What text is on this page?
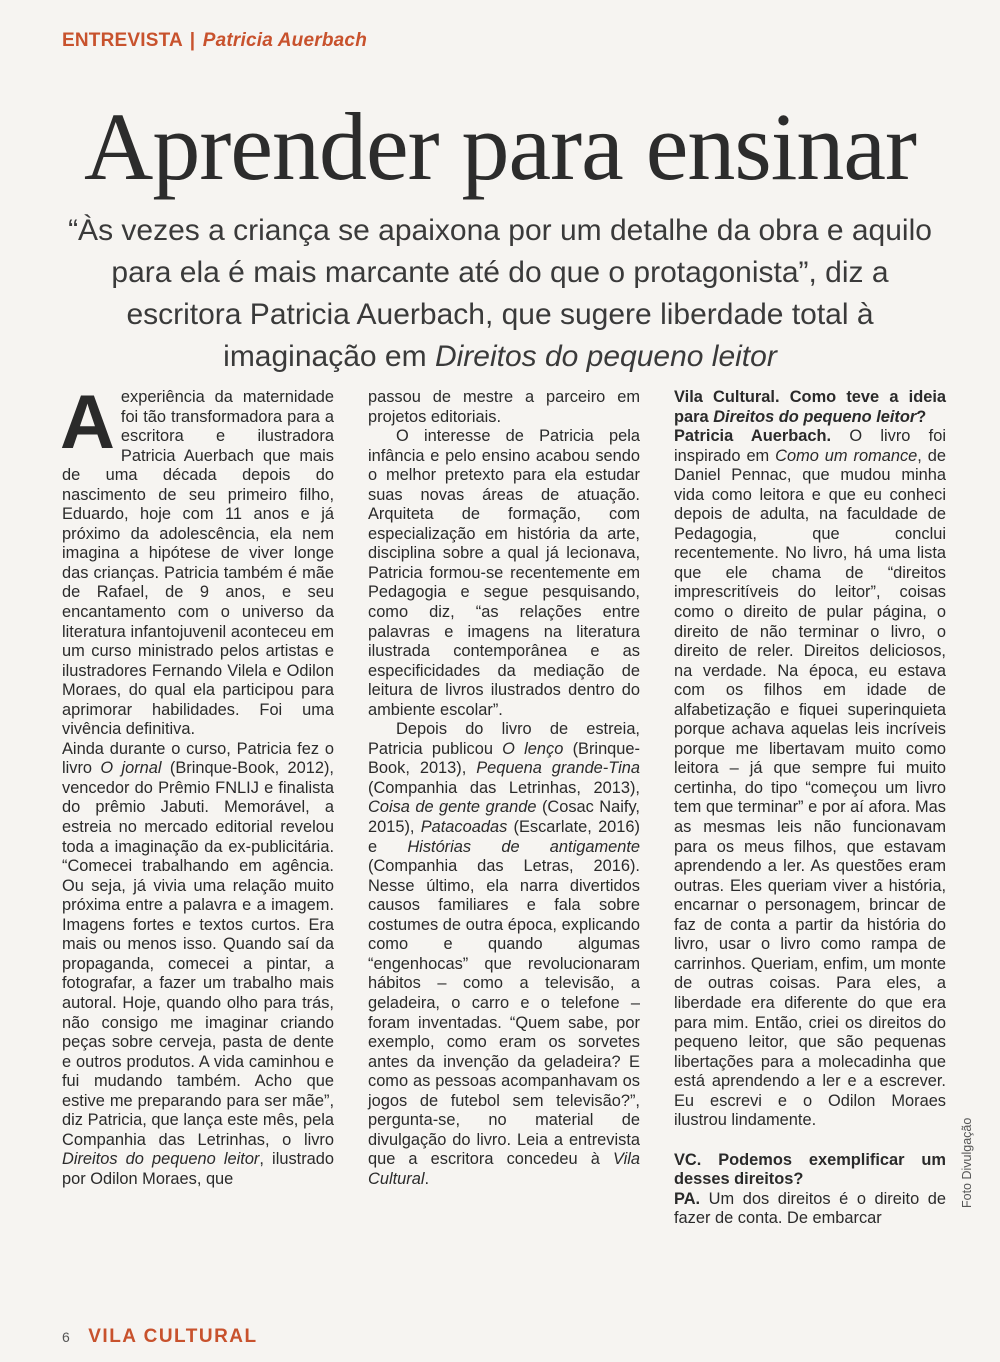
ENTREVISTA | Patricia Auerbach
Aprender para ensinar
“Às vezes a criança se apaixona por um detalhe da obra e aquilo para ela é mais marcante até do que o protagonista”, diz a escritora Patricia Auerbach, que sugere liberdade total à imaginação em Direitos do pequeno leitor

Aexperiência da maternidade foi tão transformadora para a escritora e ilustradora Patricia Auerbach que mais de uma década depois do nascimento de seu primeiro filho, Eduardo, hoje com 11 anos e já próximo da adolescência, ela nem imagina a hipótese de viver longe das crianças. Patricia também é mãe de Rafael, de 9 anos, e seu encantamento com o universo da literatura infantojuvenil aconteceu em um curso ministrado pelos artistas e ilustradores Fernando Vilela e Odilon Moraes, do qual ela participou para aprimorar habilidades. Foi uma vivência definitiva.

Ainda durante o curso, Patricia fez o livro O jornal (Brinque-Book, 2012), vencedor do Prêmio FNLIJ e finalista do prêmio Jabuti. Memorável, a estreia no mercado editorial revelou toda a imaginação da ex-publicitária. “Comecei trabalhando em agência. Ou seja, já vivia uma relação muito próxima entre a palavra e a imagem. Imagens fortes e textos curtos. Era mais ou menos isso. Quando saí da propaganda, comecei a pintar, a fotografar, a fazer um trabalho mais autoral. Hoje, quando olho para trás, não consigo me imaginar criando peças sobre cerveja, pasta de dente e outros produtos. A vida caminhou e fui mudando também. Acho que estive me preparando para ser mãe”, diz Patricia, que lança este mês, pela Companhia das Letrinhas, o livro Direitos do pequeno leitor, ilustrado por Odilon Moraes, que

passou de mestre a parceiro em projetos editoriais.

O interesse de Patricia pela infância e pelo ensino acabou sendo o melhor pretexto para ela estudar suas novas áreas de atuação. Arquiteta de formação, com especialização em história da arte, disciplina sobre a qual já lecionava, Patricia formou-se recentemente em Pedagogia e segue pesquisando, como diz, “as relações entre palavras e imagens na literatura ilustrada contemporânea e as especificidades da mediação de leitura de livros ilustrados dentro do ambiente escolar”.

Depois do livro de estreia, Patricia publicou O lenço (Brinque-Book, 2013), Pequena grande-Tina (Companhia das Letrinhas, 2013), Coisa de gente grande (Cosac Naify, 2015), Patacoadas (Escarlate, 2016) e Histórias de antigamente (Companhia das Letras, 2016). Nesse último, ela narra divertidos causos familiares e fala sobre costumes de outra época, explicando como e quando algumas “engenhocas” que revolucionaram hábitos – como a televisão, a geladeira, o carro e o telefone – foram inventadas. “Quem sabe, por exemplo, como eram os sorvetes antes da invenção da geladeira? E como as pessoas acompanhavam os jogos de futebol sem televisão?”, pergunta-se, no material de divulgação do livro. Leia a entrevista que a escritora concedeu à Vila Cultural.

Vila Cultural. Como teve a ideia para Direitos do pequeno leitor?

Patricia Auerbach. O livro foi inspirado em Como um romance, de Daniel Pennac, que mudou minha vida como leitora e que eu conheci depois de adulta, na faculdade de Pedagogia, que conclui recentemente. No livro, há uma lista que ele chama de “direitos imprescritíveis do leitor”, coisas como o direito de pular página, o direito de não terminar o livro, o direito de reler. Direitos deliciosos, na verdade. Na época, eu estava com os filhos em idade de alfabetização e fiquei superinquieta porque achava aquelas leis incríveis porque me libertavam muito como leitora – já que sempre fui muito certinha, do tipo “começou um livro tem que terminar” e por aí afora. Mas as mesmas leis não funcionavam para os meus filhos, que estavam aprendendo a ler. As questões eram outras. Eles queriam viver a história, encarnar o personagem, brincar de faz de conta a partir da história do livro, usar o livro como rampa de carrinhos. Queriam, enfim, um monte de outras coisas. Para eles, a liberdade era diferente do que era para mim. Então, criei os direitos do pequeno leitor, que são pequenas libertações para a molecadinha que está aprendendo a ler e a escrever. Eu escrevi e o Odilon Moraes ilustrou lindamente.

VC. Podemos exemplificar um desses direitos?

PA. Um dos direitos é o direito de fazer de conta. De embarcar

Foto Divulgação
6 VILA CULTURAL
